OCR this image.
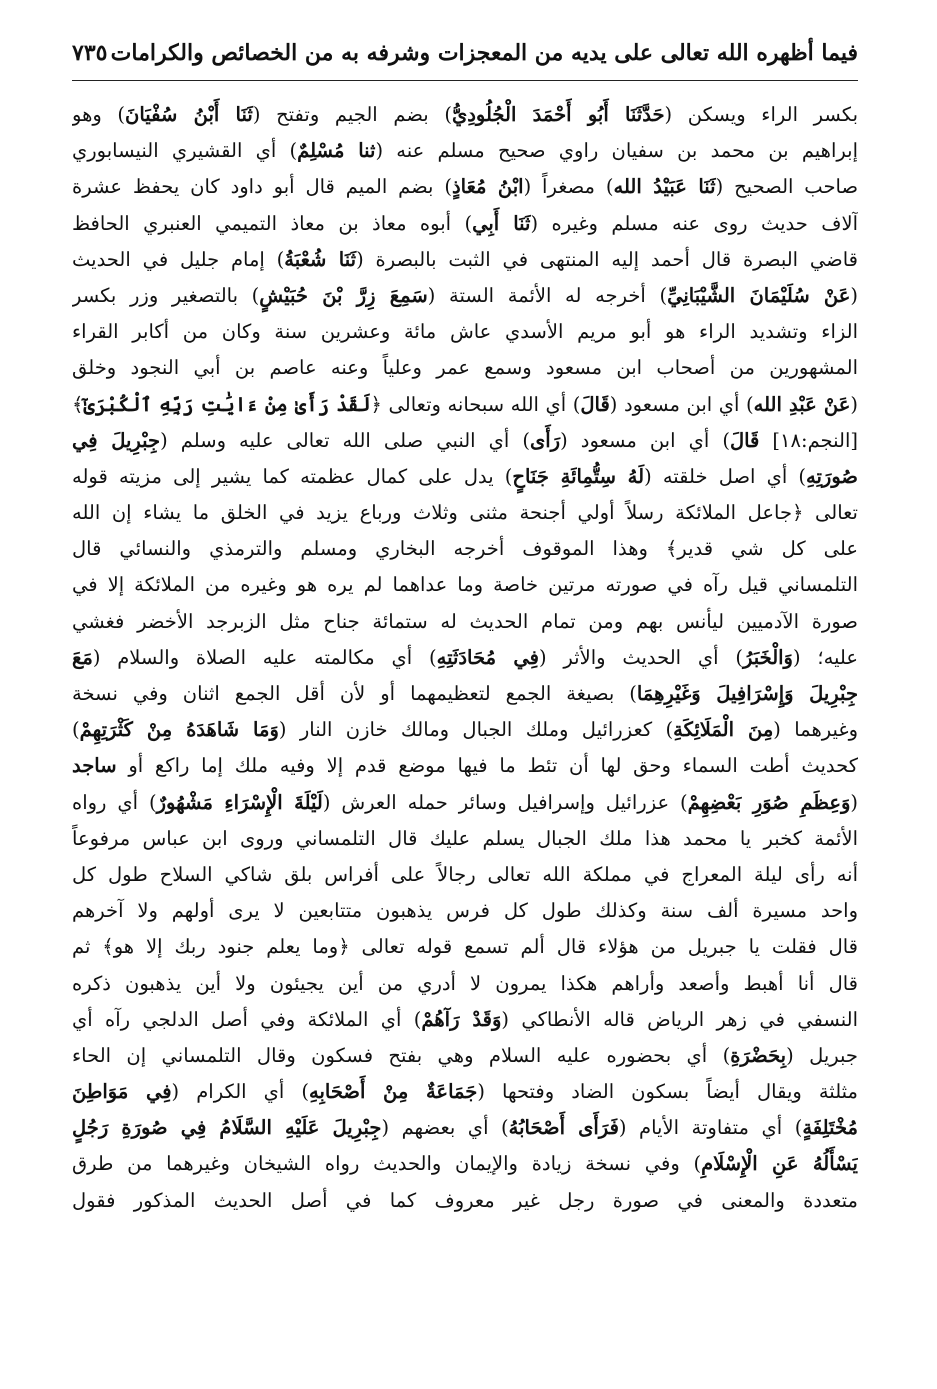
فيما أظهره الله تعالى على يديه من المعجزات وشرفه به من الخصائص والكرامات
٧٣٥
بكسر الراء ويسكن (حَدَّثَنَا أَبُو أَحْمَدَ الْجُلُودِيُّ) بضم الجيم وتفتح (ثَنَا أَبْنُ سُفْيَانَ) وهو
إبراهيم بن محمد بن سفيان راوي صحيح مسلم عنه (ثنا مُسْلِمٌ) أي القشيري النيسابوري
صاحب الصحيح (ثَنَا عَبَيْدُ الله) مصغراً (ابْنُ مُعَاذٍ) بضم الميم قال أبو داود كان يحفظ عشرة
آلاف حديث روى عنه مسلم وغيره (ثَنَا أَبِي) أبوه معاذ بن معاذ التميمي العنبري الحافظ
قاضي البصرة قال أحمد إليه المنتهى في الثبت بالبصرة (ثَنَا شُعْبَةُ) إمام جليل في الحديث
(عَنْ سُلَيْمَانَ الشَّيْبَانِيِّ) أخرجه له الأئمة الستة (سَمِعَ زِرَّ بْنَ حُبَيْشٍ) بالتصغير وزر بكسر
الزاء وتشديد الراء هو أبو مريم الأسدي عاش مائة وعشرين سنة وكان من أكابر القراء
المشهورين من أصحاب ابن مسعود وسمع عمر وعلياً وعنه عاصم بن أبي النجود وخلق
(عَنْ عَبْدِ الله) أي ابن مسعود (قَالَ) أي الله سبحانه وتعالى ﴿لَقَدْ رَأَىٰ مِنْ ءَايَٰتِ رَبِّهِ ٱلْكُبْرَىٰٓ﴾
[النجم:١٨] قَالَ) أي ابن مسعود (رَأَى) أي النبي صلى الله تعالى عليه وسلم (جِبْرِيلَ فِي
صُورَتِهِ) أي اصل خلقته (لَهُ سِتُّمِائَةِ جَنَاحٍ) يدل على كمال عظمته كما يشير إلى مزيته قوله
تعالى ﴿جاعل الملائكة رسلاً أولي أجنحة مثنى وثلاث ورباع يزيد في الخلق ما يشاء إن الله
على كل شي قدير﴾ وهذا الموقوف أخرجه البخاري ومسلم والترمذي والنسائي قال
التلمساني قيل رآه في صورته مرتين خاصة وما عداهما لم يره هو وغيره من الملائكة إلا في
صورة الآدميين ليأنس بهم ومن تمام الحديث له ستمائة جناح مثل الزبرجد الأخضر فغشي
عليه؛ (وَالْخَبَرُ) أي الحديث والأثر (فِي مُحَادَثَتِهِ) أي مكالمته عليه الصلاة والسلام (مَعَ
جِبْرِيلَ وَإِسْرَافِيلَ وَغَيْرِهِمَا) بصيغة الجمع لتعظيمهما أو لأن أقل الجمع اثنان وفي نسخة
وغيرهما (مِنَ الْمَلَائِكَةِ) كعزرائيل وملك الجبال ومالك خازن النار (وَمَا شَاهَدَهُ مِنْ كَثْرَتِهِمْ)
كحديث أطت السماء وحق لها أن تئط ما فيها موضع قدم إلا وفيه ملك إما راكع أو ساجد
(وَعِظَمِ صُوَرِ بَعْضِهِمْ) عزرائيل وإسرافيل وسائر حمله العرش (لَيْلَةَ الْإِسْرَاءِ مَشْهُورٌ) أي رواه
الأئمة كخبر يا محمد هذا ملك الجبال يسلم عليك قال التلمساني وروى ابن عباس مرفوعاً
أنه رأى ليلة المعراج في مملكة الله تعالى رجالاً على أفراس بلق شاكي السلاح طول كل
واحد مسيرة ألف سنة وكذلك طول كل فرس يذهبون متتابعين لا يرى أولهم ولا آخرهم
قال فقلت يا جبريل من هؤلاء قال ألم تسمع قوله تعالى ﴿وما يعلم جنود ربك إلا هو﴾ ثم
قال أنا أهبط وأصعد وأراهم هكذا يمرون لا أدري من أين يجيئون ولا أين يذهبون ذكره
النسفي في زهر الرياض قاله الأنطاكي (وَقَدْ رَآهُمْ) أي الملائكة وفي أصل الدلجي رآه أي
جبريل (بِحَضْرَةِ) أي بحضوره عليه السلام وهي بفتح فسكون وقال التلمساني إن الحاء
مثلثة ويقال أيضاً بسكون الضاد وفتحها (جَمَاعَةٌ مِنْ أَصْحَابِهِ) أي الكرام (فِي مَوَاطِنَ
مُخْتَلِفَةٍ) أي متفاوتة الأيام (فَرَأَى أَصْحَابُهُ) أي بعضهم (جِبْرِيلَ عَلَيْهِ السَّلَامُ فِي صُورَةِ رَجُلٍ
يَسْأَلُهُ عَنِ الْإِسْلَامِ) وفي نسخة زيادة والإيمان والحديث رواه الشيخان وغيرهما من طرق
متعددة والمعنى في صورة رجل غير معروف كما في أصل الحديث المذكور فقول
